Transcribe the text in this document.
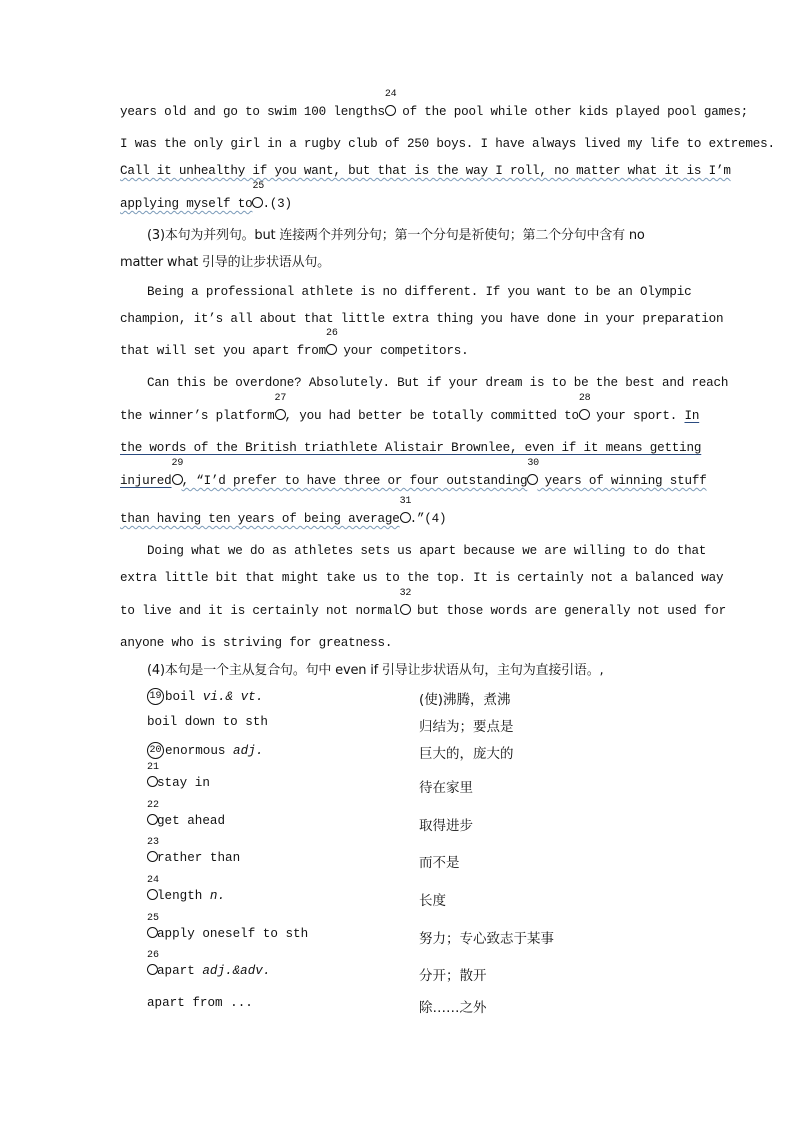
years old and go to swim 100 lengths
24
of the pool while other kids played pool games;
I was the only girl in a rugby club of 250 boys. I have always lived my life to extremes.
Call it unhealthy if you want, but that is the way I roll, no matter what it is I’m
applying myself to
25
.(3)
(3)本句为并列句。but 连接两个并列分句；第一个分句是祈使句；第二个分句中含有 no
matter what 引导的让步状语从句。
Being a professional athlete is no different. If you want to be an Olympic
champion, it’s all about that little extra thing you have done in your preparation
that will set you apart from
26
your competitors.
Can this be overdone? Absolutely. But if your dream is to be the best and reach
the winner’s platform
27
, you had better be totally committed to
28
your sport. In
the words of the British triathlete Alistair Brownlee, even if it means getting
injured
29
, “I’d prefer to have three or four outstanding
30
years of winning stuff
than having ten years of being average
31
.”(4)
Doing what we do as athletes sets us apart because we are willing to do that
extra little bit that might take us to the top. It is certainly not a balanced way
to live and it is certainly not normal
32
but those words are generally not used for
anyone who is striving for greatness.
(4)本句是一个主从复合句。句中 even if 引导让步状语从句，主句为直接引语。,
19 boil vi.& vt.	(使)沸腾，煮沸
boil down to sth	归结为；要点是
20 enormous adj.	巨大的，庞大的
21
stay in	待在家里
22
get ahead	取得进步
23
rather than	而不是
24
length n.	长度
25
apply oneself to sth	努力；专心致志于某事
26
apart adj.&adv.	分开；散开
apart from ...	除……之外
